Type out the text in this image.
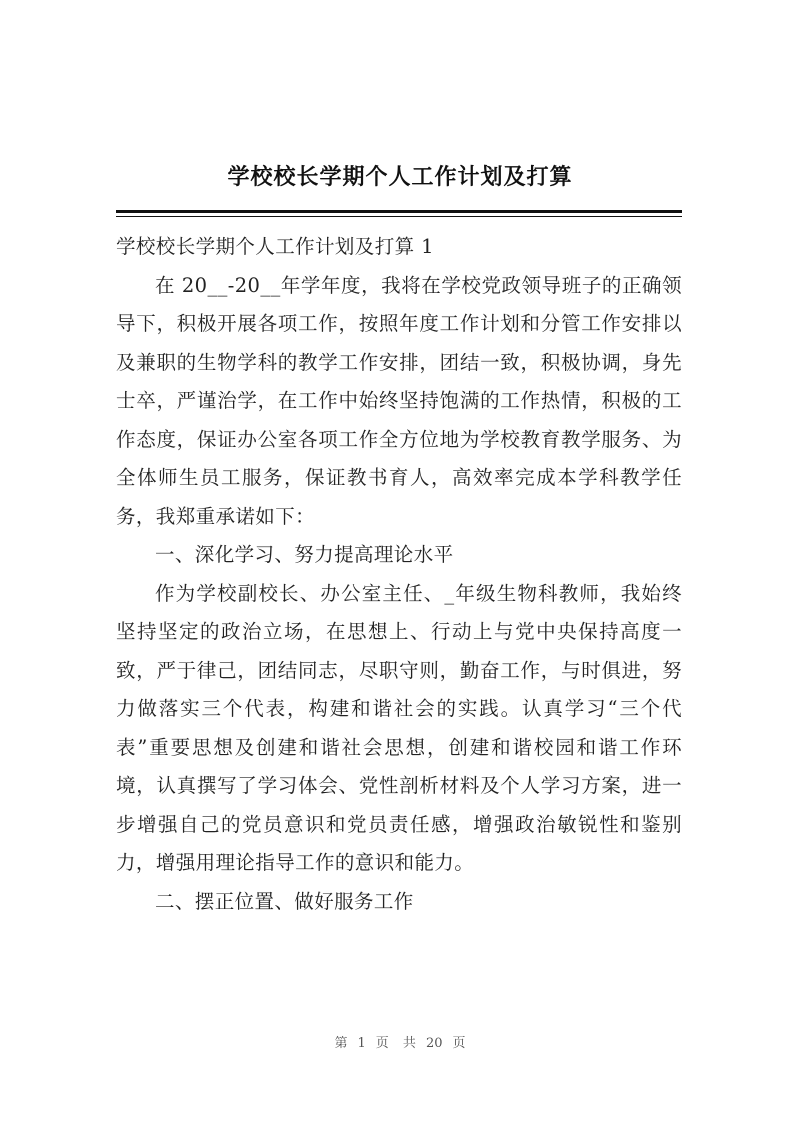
学校校长学期个人工作计划及打算

学校校长学期个人工作计划及打算 1

在 20__-20__年学年度，我将在学校党政领导班子的正确领导下，积极开展各项工作，按照年度工作计划和分管工作安排以及兼职的生物学科的教学工作安排，团结一致，积极协调，身先士卒，严谨治学，在工作中始终坚持饱满的工作热情，积极的工作态度，保证办公室各项工作全方位地为学校教育教学服务、为全体师生员工服务，保证教书育人，高效率完成本学科教学任务，我郑重承诺如下：

一、深化学习、努力提高理论水平

作为学校副校长、办公室主任、_年级生物科教师，我始终坚持坚定的政治立场，在思想上、行动上与党中央保持高度一致，严于律己，团结同志，尽职守则，勤奋工作，与时俱进，努力做落实三个代表，构建和谐社会的实践。认真学习“三个代表”重要思想及创建和谐社会思想，创建和谐校园和谐工作环境，认真撰写了学习体会、党性剖析材料及个人学习方案，进一步增强自己的党员意识和党员责任感，增强政治敏锐性和鉴别力，增强用理论指导工作的意识和能力。

二、摆正位置、做好服务工作

第 1 页 共 20 页
